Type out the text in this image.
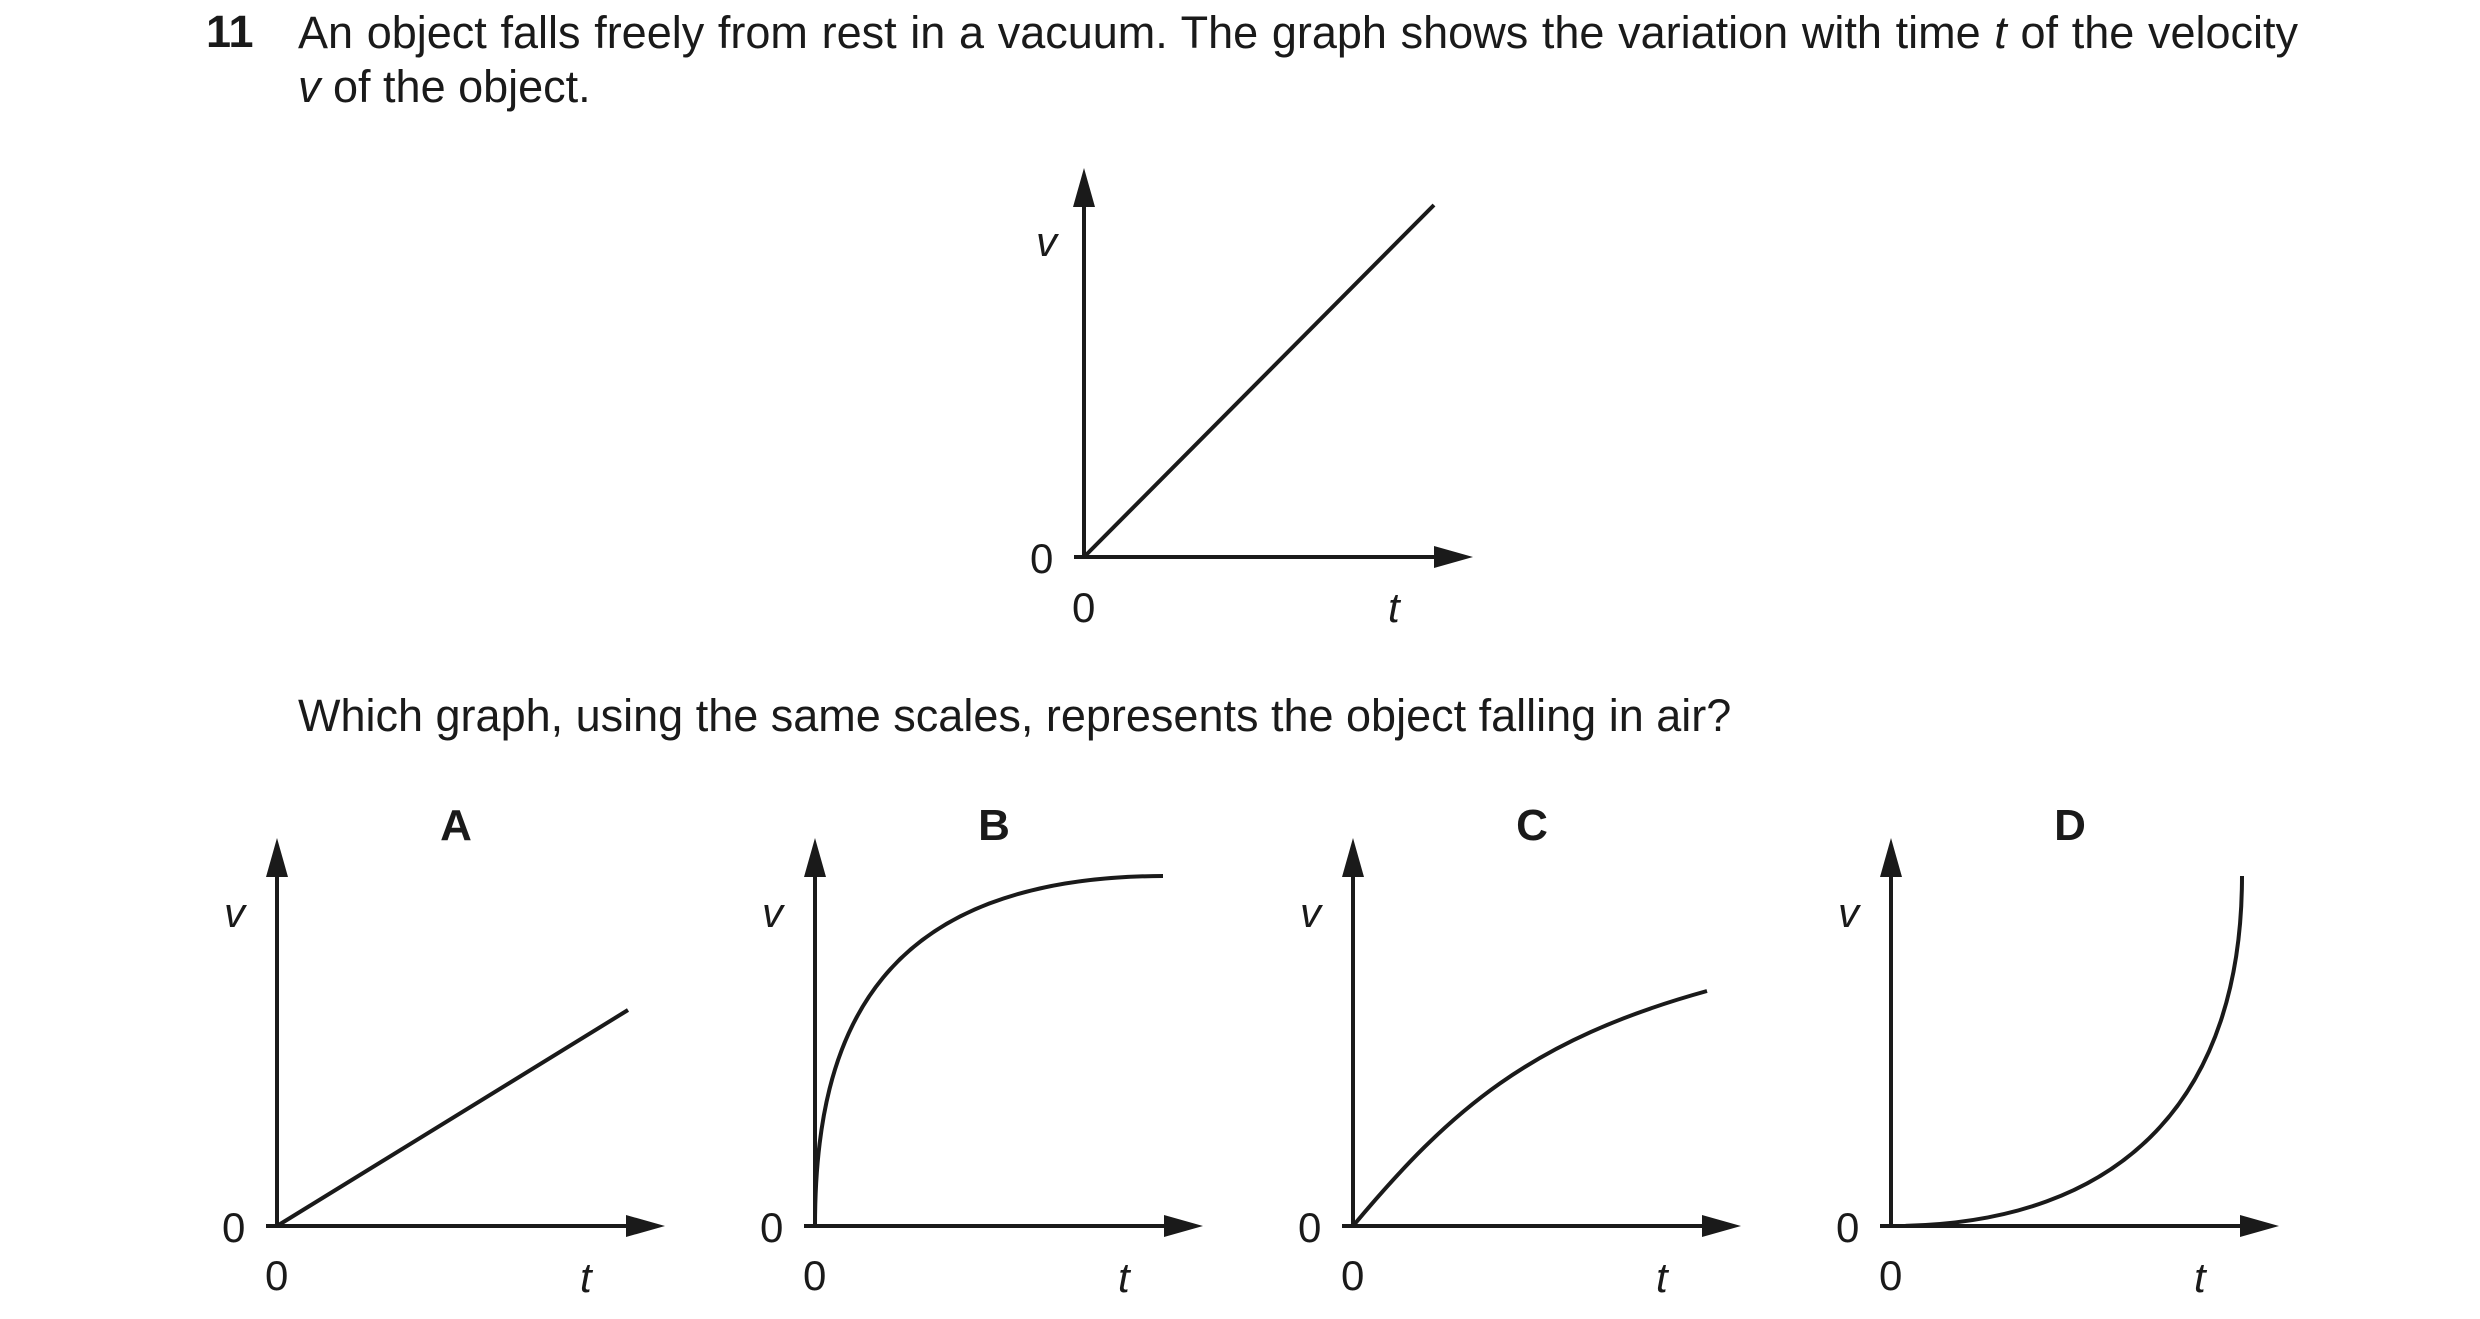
11 An object falls freely from rest in a vacuum. The graph shows the variation with time t of the velocity v of the object.
Which graph, using the same scales, represents the object falling in air?
v
0
0	t
A
v
0
0	t
B
v
0
0	t
C
v
0
0	t
D
v
0
0	t
